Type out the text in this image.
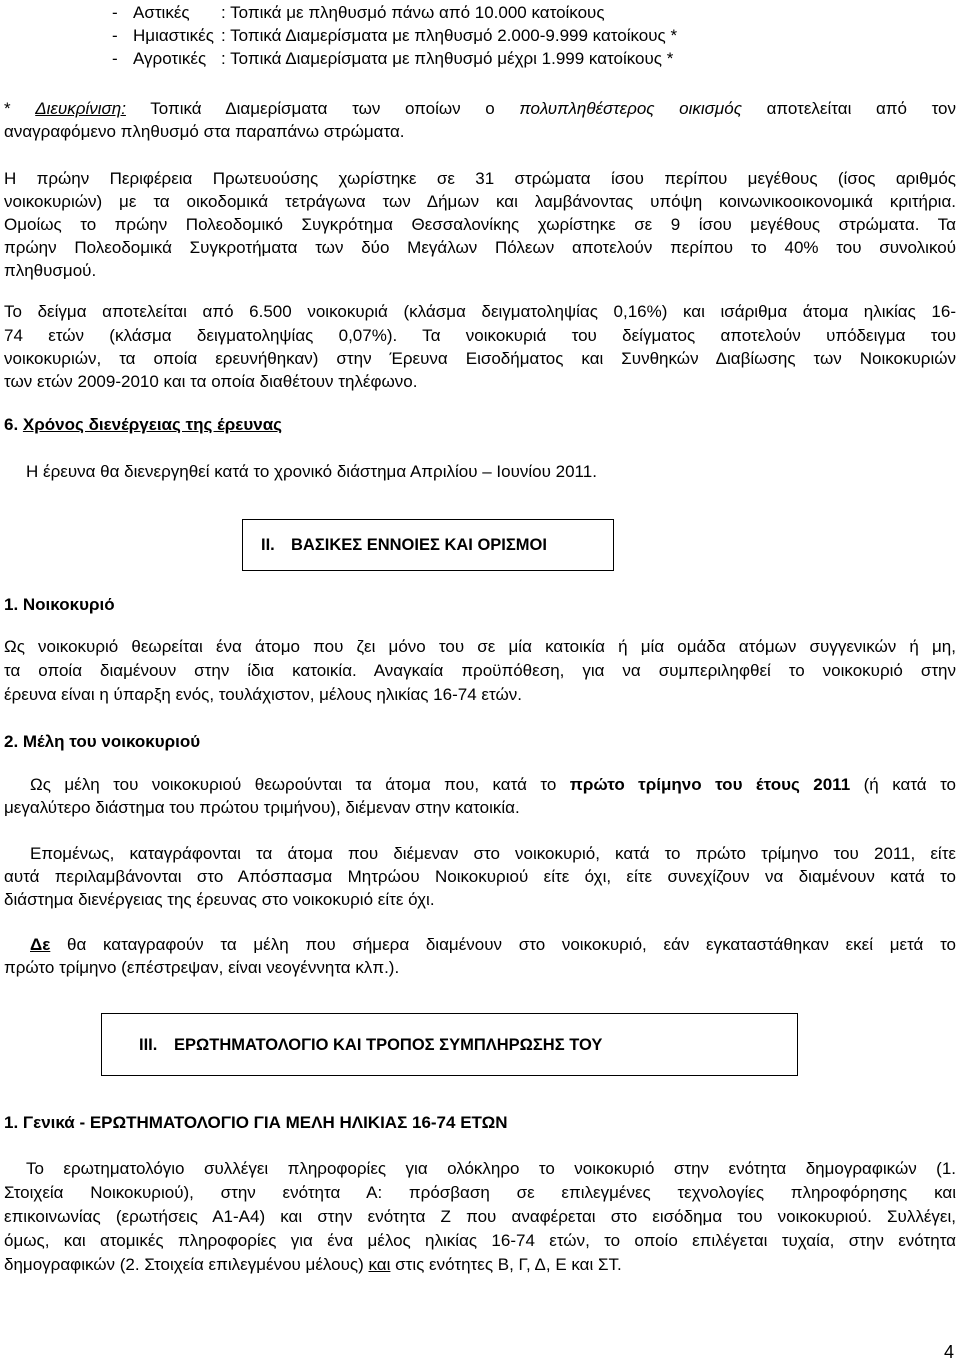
- Αστικές : Τοπικά με πληθυσμό πάνω από 10.000 κατοίκους
- Ημιαστικές : Τοπικά Διαμερίσματα με πληθυσμό 2.000-9.999 κατοίκους *
- Αγροτικές : Τοπικά Διαμερίσματα με πληθυσμό μέχρι 1.999 κατοίκους *
* Διευκρίνιση: Τοπικά Διαμερίσματα των οποίων ο πολυπληθέστερος οικισμός αποτελείται από τον
αναγραφόμενο πληθυσμό στα παραπάνω στρώματα.
Η πρώην Περιφέρεια Πρωτευούσης χωρίστηκε σε 31 στρώματα ίσου περίπου μεγέθους (ίσος αριθμός
νοικοκυριών) με τα οικοδομικά τετράγωνα των Δήμων και λαμβάνοντας υπόψη κοινωνικοοικονομικά κριτήρια.
Ομοίως το πρώην Πολεοδομικό Συγκρότημα Θεσσαλονίκης χωρίστηκε σε 9 ίσου μεγέθους στρώματα. Τα
πρώην Πολεοδομικά Συγκροτήματα των δύο Μεγάλων Πόλεων αποτελούν περίπου το 40% του συνολικού
πληθυσμού.
Το δείγμα αποτελείται από 6.500 νοικοκυριά (κλάσμα δειγματοληψίας 0,16%) και ισάριθμα άτομα ηλικίας 16-
74 ετών (κλάσμα δειγματοληψίας 0,07%). Τα νοικοκυριά του δείγματος αποτελούν υπόδειγμα του
νοικοκυριών, τα οποία ερευνήθηκαν) στην Έρευνα Εισοδήματος και Συνθηκών Διαβίωσης των Νοικοκυριών
των ετών 2009-2010 και τα οποία διαθέτουν τηλέφωνο.
6. Χρόνος διενέργειας της έρευνας
Η έρευνα θα διενεργηθεί κατά το χρονικό διάστημα Απριλίου – Ιουνίου 2011.
II. ΒΑΣΙΚΕΣ ΕΝΝΟΙΕΣ ΚΑΙ ΟΡΙΣΜΟΙ
1. Νοικοκυριό
Ως νοικοκυριό θεωρείται ένα άτομο που ζει μόνο του σε μία κατοικία ή μία ομάδα ατόμων συγγενικών ή μη,
τα οποία διαμένουν στην ίδια κατοικία. Αναγκαία προϋπόθεση, για να συμπεριληφθεί το νοικοκυριό στην
έρευνα είναι η ύπαρξη ενός, τουλάχιστον, μέλους ηλικίας 16-74 ετών.
2. Μέλη του νοικοκυριού
Ως μέλη του νοικοκυριού θεωρούνται τα άτομα που, κατά το πρώτο τρίμηνο του έτους 2011 (ή κατά το
μεγαλύτερο διάστημα του πρώτου τριμήνου), διέμεναν στην κατοικία.
Επομένως, καταγράφονται τα άτομα που διέμεναν στο νοικοκυριό, κατά το πρώτο τρίμηνο του 2011, είτε
αυτά περιλαμβάνονται στο Απόσπασμα Μητρώου Νοικοκυριού είτε όχι, είτε συνεχίζουν να διαμένουν κατά το
διάστημα διενέργειας της έρευνας στο νοικοκυριό είτε όχι.
Δε θα καταγραφούν τα μέλη που σήμερα διαμένουν στο νοικοκυριό, εάν εγκαταστάθηκαν εκεί μετά το
πρώτο τρίμηνο (επέστρεψαν, είναι νεογέννητα κλπ.).
III. ΕΡΩΤΗΜΑΤΟΛΟΓΙΟ ΚΑΙ ΤΡΟΠΟΣ ΣΥΜΠΛΗΡΩΣΗΣ ΤΟΥ
1. Γενικά - ΕΡΩΤΗΜΑΤΟΛΟΓΙΟ ΓΙΑ ΜΕΛΗ ΗΛΙΚΙΑΣ 16-74 ΕΤΩΝ
Το ερωτηματολόγιο συλλέγει πληροφορίες για ολόκληρο το νοικοκυριό στην ενότητα δημογραφικών (1.
Στοιχεία Νοικοκυριού), στην ενότητα Α: πρόσβαση σε επιλεγμένες τεχνολογίες πληροφόρησης και
επικοινωνίας (ερωτήσεις Α1-Α4) και στην ενότητα Ζ που αναφέρεται στο εισόδημα του νοικοκυριού. Συλλέγει,
όμως, και ατομικές πληροφορίες για ένα μέλος ηλικίας 16-74 ετών, το οποίο επιλέγεται τυχαία, στην ενότητα
δημογραφικών (2. Στοιχεία επιλεγμένου μέλους) και στις ενότητες Β, Γ, Δ, Ε και ΣΤ.
4
